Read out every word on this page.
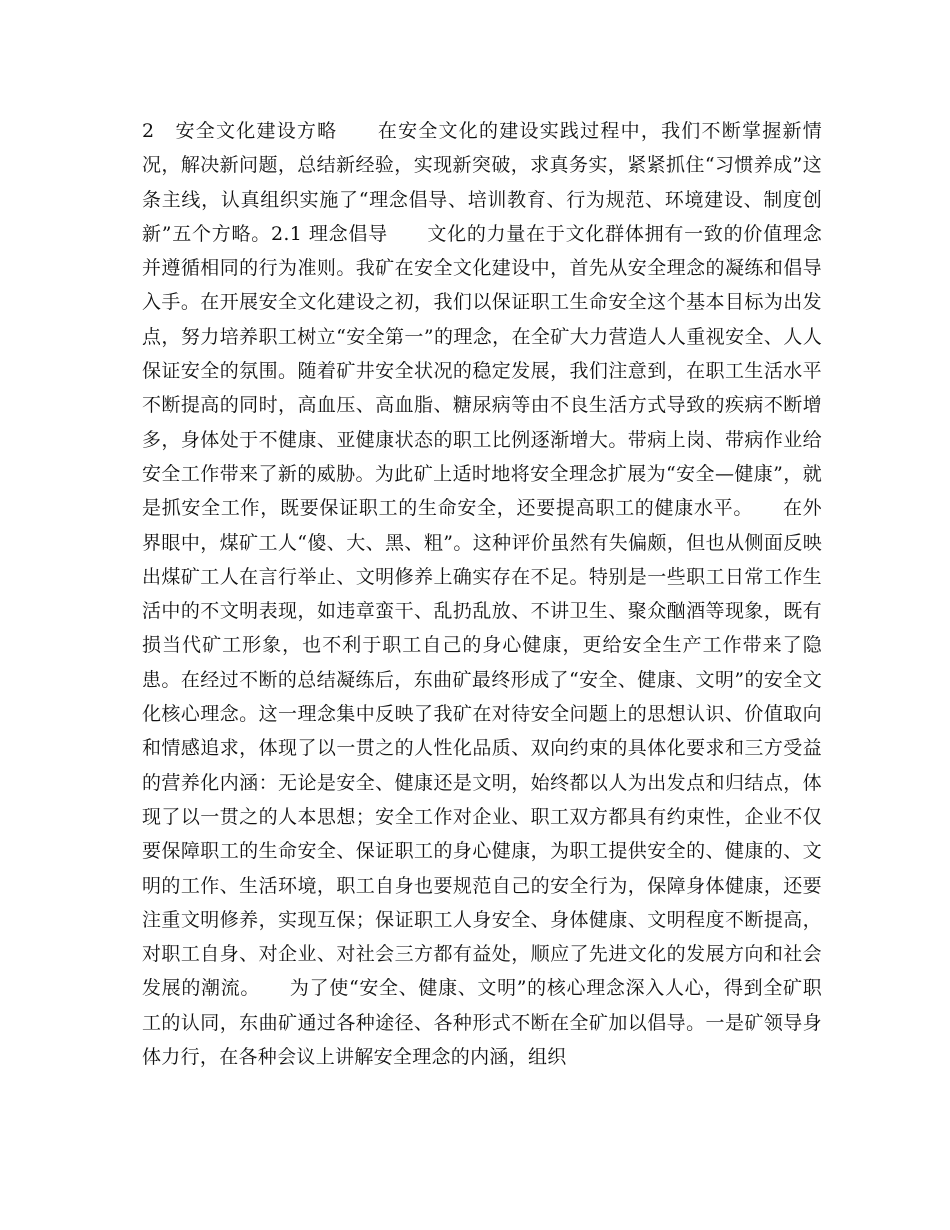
2　安全文化建设方略　　在安全文化的建设实践过程中，我们不断掌握新情况，解决新问题，总结新经验，实现新突破，求真务实，紧紧抓住“习惯养成”这条主线，认真组织实施了“理念倡导、培训教育、行为规范、环境建设、制度创新”五个方略。2.1 理念倡导　　文化的力量在于文化群体拥有一致的价值理念并遵循相同的行为准则。我矿在安全文化建设中，首先从安全理念的凝练和倡导入手。在开展安全文化建设之初，我们以保证职工生命安全这个基本目标为出发点，努力培养职工树立“安全第一”的理念，在全矿大力营造人人重视安全、人人保证安全的氛围。随着矿井安全状况的稳定发展，我们注意到，在职工生活水平不断提高的同时，高血压、高血脂、糖尿病等由不良生活方式导致的疾病不断增多，身体处于不健康、亚健康状态的职工比例逐渐增大。带病上岗、带病作业给安全工作带来了新的威胁。为此矿上适时地将安全理念扩展为“安全—健康”，就是抓安全工作，既要保证职工的生命安全，还要提高职工的健康水平。　　在外界眼中，煤矿工人“傻、大、黑、粗”。这种评价虽然有失偏颇，但也从侧面反映出煤矿工人在言行举止、文明修养上确实存在不足。特别是一些职工日常工作生活中的不文明表现，如违章蛮干、乱扔乱放、不讲卫生、聚众酗酒等现象，既有损当代矿工形象，也不利于职工自己的身心健康，更给安全生产工作带来了隐患。在经过不断的总结凝练后，东曲矿最终形成了“安全、健康、文明”的安全文化核心理念。这一理念集中反映了我矿在对待安全问题上的思想认识、价值取向和情感追求，体现了以一贯之的人性化品质、双向约束的具体化要求和三方受益的营养化内涵：无论是安全、健康还是文明，始终都以人为出发点和归结点，体现了以一贯之的人本思想；安全工作对企业、职工双方都具有约束性，企业不仅要保障职工的生命安全、保证职工的身心健康，为职工提供安全的、健康的、文明的工作、生活环境，职工自身也要规范自己的安全行为，保障身体健康，还要注重文明修养，实现互保；保证职工人身安全、身体健康、文明程度不断提高，对职工自身、对企业、对社会三方都有益处，顺应了先进文化的发展方向和社会发展的潮流。　　为了使“安全、健康、文明”的核心理念深入人心，得到全矿职工的认同，东曲矿通过各种途径、各种形式不断在全矿加以倡导。一是矿领导身体力行，在各种会议上讲解安全理念的内涵，组织
